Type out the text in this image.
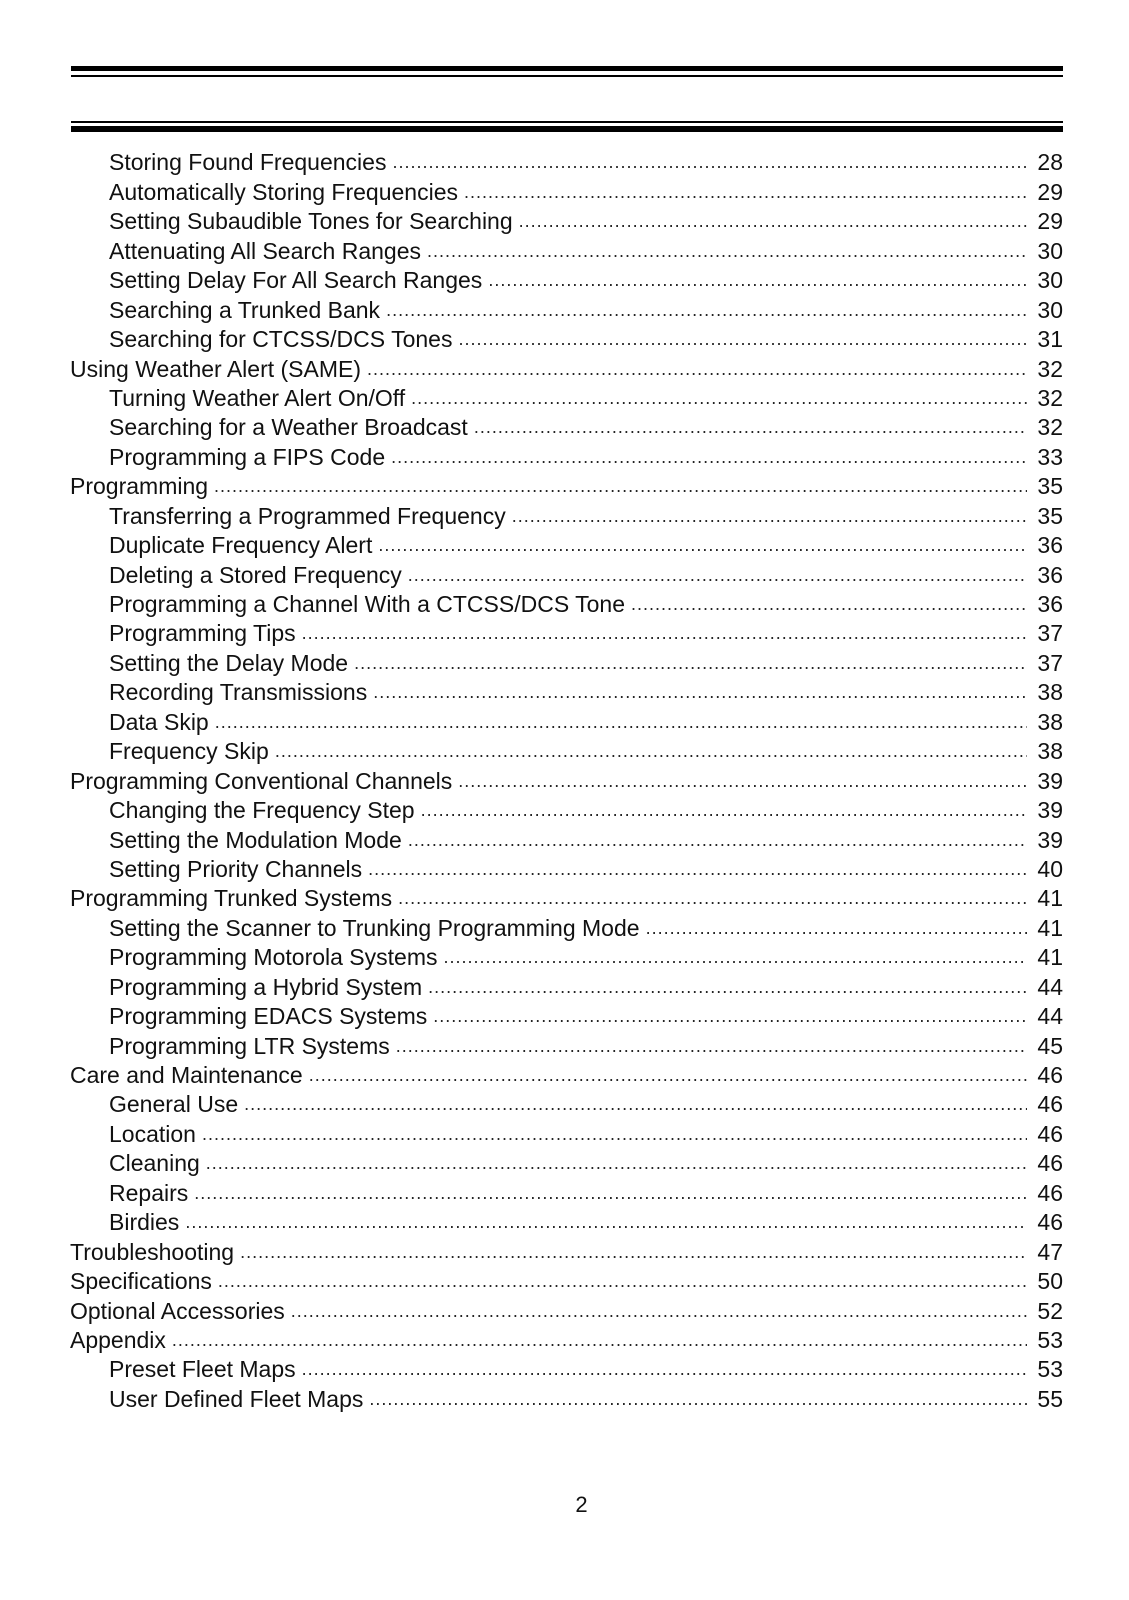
Storing Found Frequencies .....	28
Automatically Storing Frequencies .....	29
Setting Subaudible Tones for Searching .....	29
Attenuating All Search Ranges .....	30
Setting Delay For All Search Ranges .....	30
Searching a Trunked Bank .....	30
Searching for CTCSS/DCS Tones .....	31
Using Weather Alert (SAME) .....	32
Turning Weather Alert On/Off .....	32
Searching for a Weather Broadcast .....	32
Programming a FIPS Code .....	33
Programming .....	35
Transferring a Programmed Frequency .....	35
Duplicate Frequency Alert .....	36
Deleting a Stored Frequency .....	36
Programming a Channel With a CTCSS/DCS Tone .....	36
Programming Tips .....	37
Setting the Delay Mode .....	37
Recording Transmissions .....	38
Data Skip .....	38
Frequency Skip .....	38
Programming Conventional Channels .....	39
Changing the Frequency Step .....	39
Setting the Modulation Mode .....	39
Setting Priority Channels .....	40
Programming Trunked Systems .....	41
Setting the Scanner to Trunking Programming Mode .....	41
Programming Motorola Systems .....	41
Programming a Hybrid System .....	44
Programming EDACS Systems .....	44
Programming LTR Systems .....	45
Care and Maintenance .....	46
General Use .....	46
Location .....	46
Cleaning .....	46
Repairs .....	46
Birdies .....	46
Troubleshooting .....	47
Specifications .....	50
Optional Accessories .....	52
Appendix .....	53
Preset Fleet Maps .....	53
User Defined Fleet Maps .....	55
2
